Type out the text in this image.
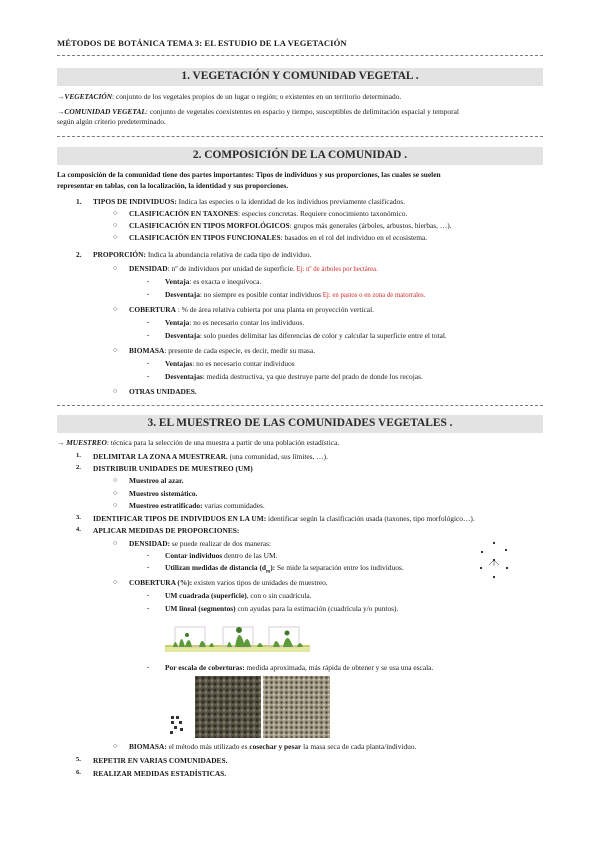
MÉTODOS DE BOTÁNICA TEMA 3: EL ESTUDIO DE LA VEGETACIÓN
1. VEGETACIÓN Y COMUNIDAD VEGETAL .
→VEGETACIÓN: conjunto de los vegetales propios de un lugar o región; o existentes en un territorio determinado.
→COMUNIDAD VEGETAL: conjunto de vegetales coexistentes en espacio y tiempo, susceptibles de delimitación espacial y temporal
según algún criterio predeterminado.
2. COMPOSICIÓN DE LA COMUNIDAD .
La composición de la comunidad tiene dos partes importantes: Tipos de individuos y sus proporciones, las cuales se suelen
representar en tablas, con la localización, la identidad y sus proporciones.
1. TIPOS DE INDIVIDUOS: Indica las especies o la identidad de los individuos previamente clasificados.
○ CLASIFICACIÓN EN TAXONES: especies concretas. Requiere conocimiento taxonómico.
○ CLASIFICACIÓN EN TIPOS MORFOLÓGICOS: grupos más generales (árboles, arbustos, hierbas, …).
○ CLASIFICACIÓN EN TIPOS FUNCIONALES: basados en el rol del individuo en el ecosistema.
2. PROPORCIÓN: Indica la abundancia relativa de cada tipo de individuo.
○ DENSIDAD: nº de individuos por unidad de superficie. Ej: nº de árboles por hectárea.
- Ventaja: es exacta e inequívoca.
- Desventaja: no siempre es posible contar individuos Ej: en pastos o en zona de matorrales.
○ COBERTURA : % de área relativa cubierta por una planta en proyección vertical.
- Ventaja: no es necesario contar los individuos.
- Desventaja: solo puedes delimitar las diferencias de color y calcular la superficie entre el total.
○ BIOMASA: presente de cada especie, es decir, medir su masa.
- Ventajas: no es necesario contar individuos
- Desventajas: medida destructiva, ya que destruye parte del prado de donde los recojas.
○ OTRAS UNIDADES.
3. EL MUESTREO DE LAS COMUNIDADES VEGETALES .
→ MUESTREO: técnica para la selección de una muestra a partir de una población estadística.
1. DELIMITAR LA ZONA A MUESTREAR. (una comunidad, sus límites, …).
2. DISTRIBUIR UNIDADES DE MUESTREO (UM)
○ Muestreo al azar.
○ Muestreo sistemático.
○ Muestreo estratificado: varias comunidades.
3. IDENTIFICAR TIPOS DE INDIVIDUOS EN LA UM: identificar según la clasificación usada (taxones, tipo morfológico…).
4. APLICAR MEDIDAS DE PROPORCIONES:
○ DENSIDAD: se puede realizar de dos maneras:
- Contar individuos dentro de las UM.
- Utilizan medidas de distancia $(d_m)$: Se mide la separación entre los individuos.
○ COBERTURA (%): existen varios tipos de unidades de muestreo.
- UM cuadrada (superficie), con o sin cuadrícula.
- UM lineal (segmentos) con ayudas para la estimación (cuadrícula y/o puntos).
- Por escala de coberturas: medida aproximada, más rápida de obtener y se usa una escala.
○ BIOMASA: el método más utilizado es cosechar y pesar la masa seca de cada planta/individuo.
5. REPETIR EN VARIAS COMUNIDADES.
6. REALIZAR MEDIDAS ESTADÍSTICAS.
